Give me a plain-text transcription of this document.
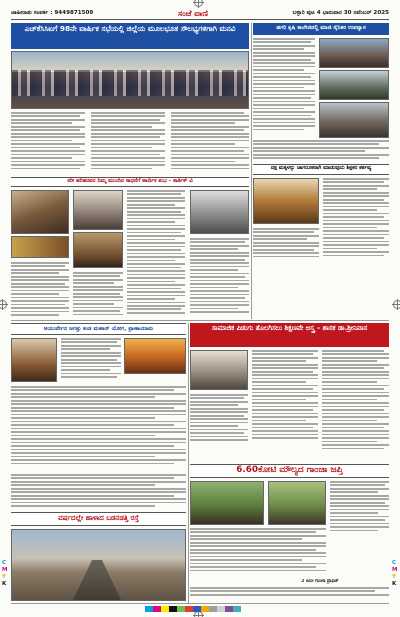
ಜಾಹೀರಾತು ಸಂಪರ್ಕ : 9449871509	ಸಂಜೆ ವಾಣಿ	ಬಳ್ಳಾರಿ ಪುಟ 4 ಭಾನುವಾರ 30 ನವೆಂಬರ್ 2025
ಎಚ್‌ಕೆಸಿಸಿಐಗೆ 98ನೇ ವಾರ್ಷಿಕ ಸಭೆಯಲ್ಲಿ ಜಿಲ್ಲೆಯ ಮೂಲಭೂತ ಸೌಲಭ್ಯಗಳಿಗಾಗಿ ಮನವಿ
ಕರೀ ಹರಿಹರವರ ನಿಮ್ಮ ಮುಂದಿನ ಸಾಧನೆಗೆ ಹಾರ್ದಿಕ ಶುಭ – ಕಾರ್ತಿಕ್ ವಿ
ಹಗರಿ ಕೃಷಿ ಕಾಲೇಜಿನಲ್ಲಿ ಮಾಜಿ ಸೈನಿಕರ ಉಪನ್ಯಾಸ
ದಕ್ಷ ಮಕ್ಕಳನ್ನು ಜಾಗರೂಕರಾಗಿ ಮಾಡುವುದು ಶಿಕ್ಷಕರ ಕರ್ತವ್ಯ
ಸಾಮಾಜಿಕ ಪಿಡುಗು ತೊಲಗಿಸಲು ಶಿಕ್ಷಣವೇ ಅಸ್ತ್ರ – ಶಾಸಕ ಡಾ.ಶ್ರೀನಿವಾಸ
ಆಯುರ್ವೇದ ಜಗತ್ತು ಕಂಡ ಮಹಾನ್ ಯೋಗ, ಪ್ರಾಣಾಯಾಮ
6.60ಕೋಟಿ ಮೌಲ್ಯದ ಗಾಂಜಾ ಜಪ್ತಿ
2 ಕಿಮೀ ಗಾಂಜಾ ಪ್ರಾಫಿಟ್
ವರ್ಷದಲ್ಲೇ ಹಾಳಾದ ಬಡನಡತ್ತಿ ರಸ್ತೆ
C
M
Y
K
C
M
Y
K
